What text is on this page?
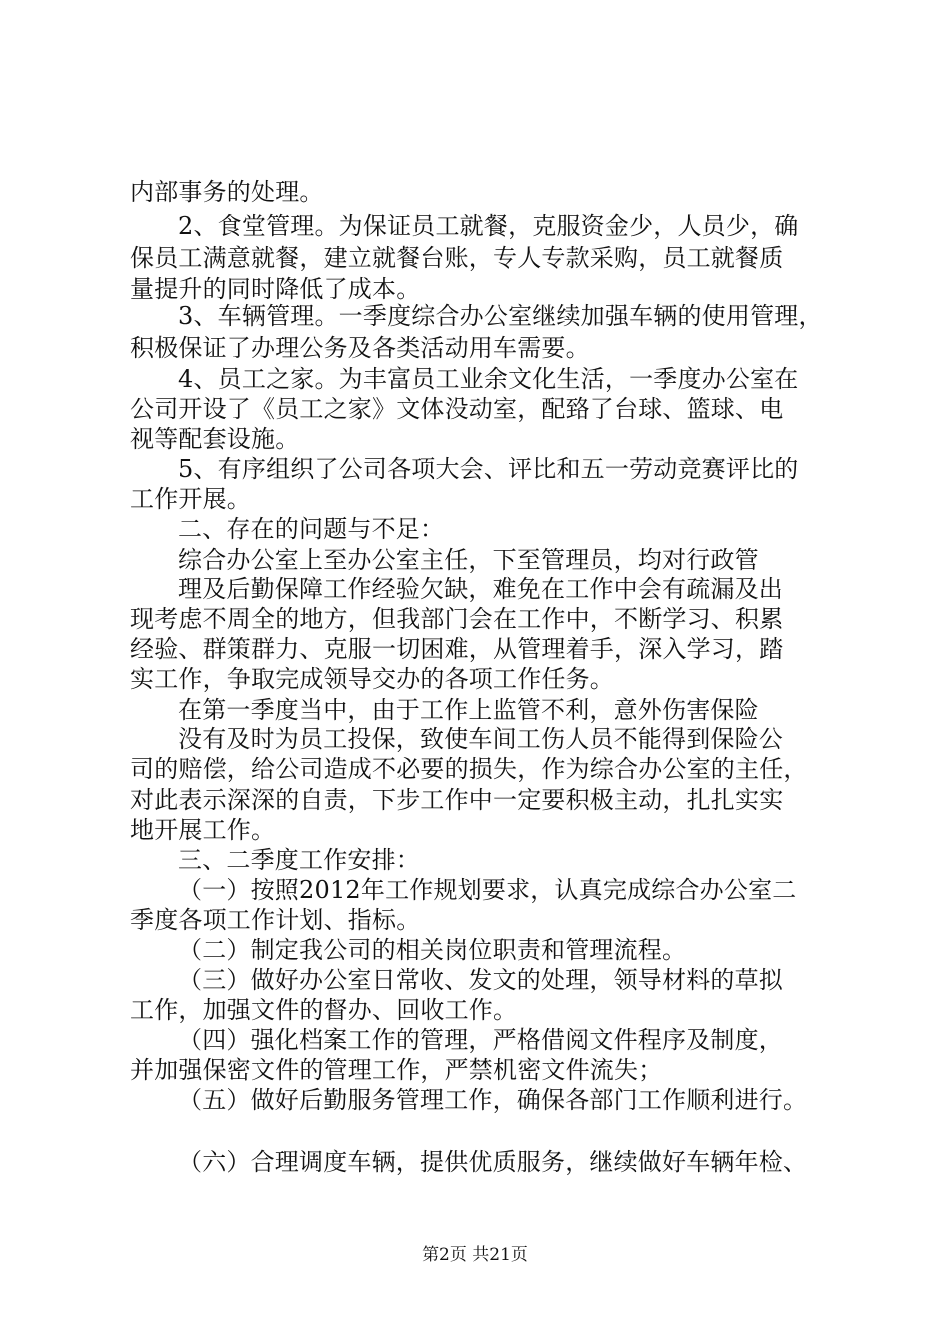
内部事务的处理。
2、食堂管理。为保证员工就餐，克服资金少，人员少，确
保员工满意就餐，建立就餐台账，专人专款采购，员工就餐质
量提升的同时降低了成本。
3、车辆管理。一季度综合办公室继续加强车辆的使用管理，
积极保证了办理公务及各类活动用车需要。
4、员工之家。为丰富员工业余文化生活，一季度办公室在
公司开设了《员工之家》文体没动室，配臵了台球、篮球、电
视等配套设施。
5、有序组织了公司各项大会、评比和五一劳动竞赛评比的
工作开展。
二、存在的问题与不足：
综合办公室上至办公室主任，下至管理员，均对行政管
理及后勤保障工作经验欠缺，难免在工作中会有疏漏及出
现考虑不周全的地方，但我部门会在工作中，不断学习、积累
经验、群策群力、克服一切困难，从管理着手，深入学习，踏
实工作，争取完成领导交办的各项工作任务。
在第一季度当中，由于工作上监管不利，意外伤害保险
没有及时为员工投保，致使车间工伤人员不能得到保险公
司的赔偿，给公司造成不必要的损失，作为综合办公室的主任，
对此表示深深的自责，下步工作中一定要积极主动，扎扎实实
地开展工作。
三、二季度工作安排：
（一）按照2012年工作规划要求，认真完成综合办公室二
季度各项工作计划、指标。
（二）制定我公司的相关岗位职责和管理流程。
（三）做好办公室日常收、发文的处理，领导材料的草拟
工作，加强文件的督办、回收工作。
（四）强化档案工作的管理，严格借阅文件程序及制度，
并加强保密文件的管理工作，严禁机密文件流失；
（五）做好后勤服务管理工作，确保各部门工作顺利进行。
（六）合理调度车辆，提供优质服务，继续做好车辆年检、
第2页 共21页
